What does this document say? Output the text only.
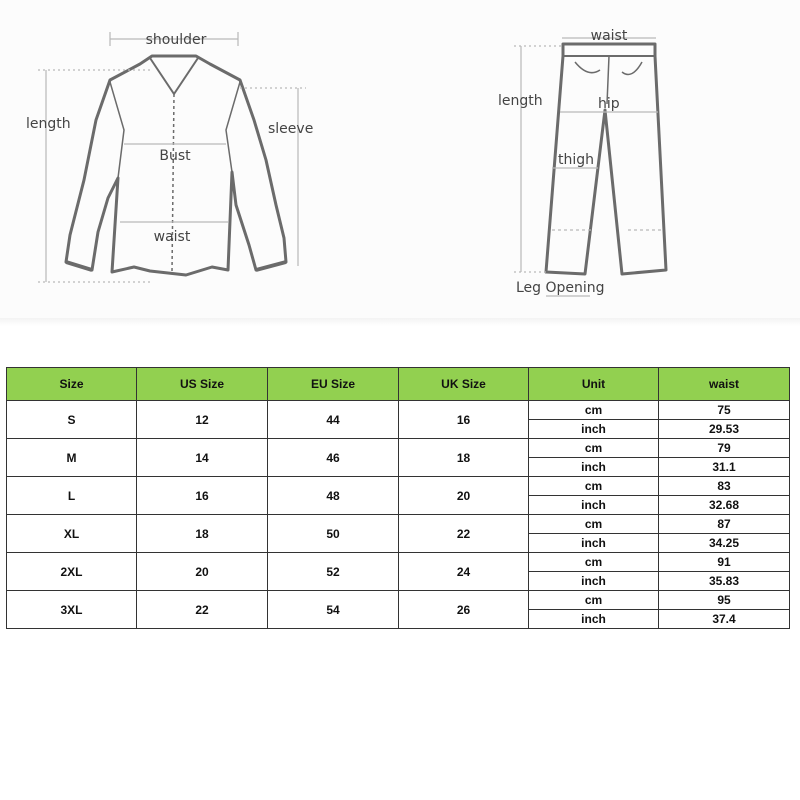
shoulder
length	sleeve
Bust
waist
waist
length	hip
thigh
Leg Opening
Size	US Size	EU Size	UK Size	Unit	waist
S	12	44	16	cm	75
				inch	29.53
M	14	46	18	cm	79
				inch	31.1
L	16	48	20	cm	83
				inch	32.68
XL	18	50	22	cm	87
				inch	34.25
2XL	20	52	24	cm	91
				inch	35.83
3XL	22	54	26	cm	95
				inch	37.4
